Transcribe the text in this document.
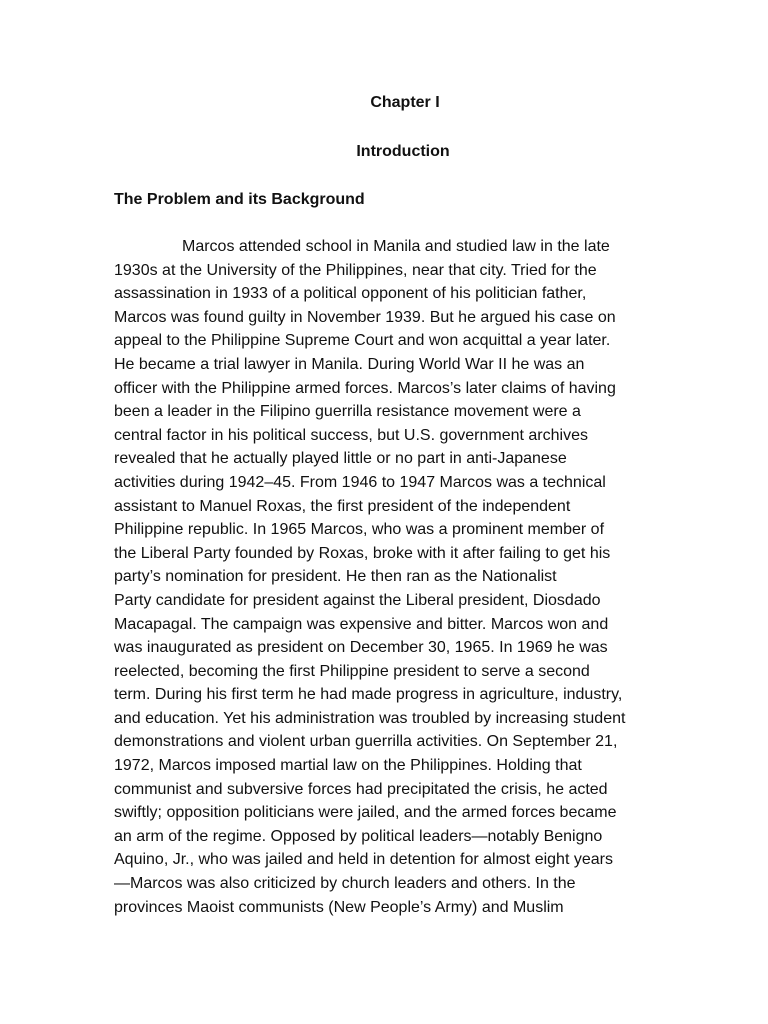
Chapter I
Introduction
The Problem and its Background
Marcos attended school in Manila and studied law in the late
1930s at the University of the Philippines, near that city. Tried for the
assassination in 1933 of a political opponent of his politician father,
Marcos was found guilty in November 1939. But he argued his case on
appeal to the Philippine Supreme Court and won acquittal a year later.
He became a trial lawyer in Manila. During World War II he was an
officer with the Philippine armed forces. Marcos’s later claims of having
been a leader in the Filipino guerrilla resistance movement were a
central factor in his political success, but U.S. government archives
revealed that he actually played little or no part in anti-Japanese
activities during 1942–45. From 1946 to 1947 Marcos was a technical
assistant to Manuel Roxas, the first president of the independent
Philippine republic. In 1965 Marcos, who was a prominent member of
the Liberal Party founded by Roxas, broke with it after failing to get his
party’s nomination for president. He then ran as the Nationalist
Party candidate for president against the Liberal president, Diosdado
Macapagal. The campaign was expensive and bitter. Marcos won and
was inaugurated as president on December 30, 1965. In 1969 he was
reelected, becoming the first Philippine president to serve a second
term. During his first term he had made progress in agriculture, industry,
and education. Yet his administration was troubled by increasing student
demonstrations and violent urban guerrilla activities. On September 21,
1972, Marcos imposed martial law on the Philippines. Holding that
communist and subversive forces had precipitated the crisis, he acted
swiftly; opposition politicians were jailed, and the armed forces became
an arm of the regime. Opposed by political leaders—notably Benigno
Aquino, Jr., who was jailed and held in detention for almost eight years
—Marcos was also criticized by church leaders and others. In the
provinces Maoist communists (New People’s Army) and Muslim
